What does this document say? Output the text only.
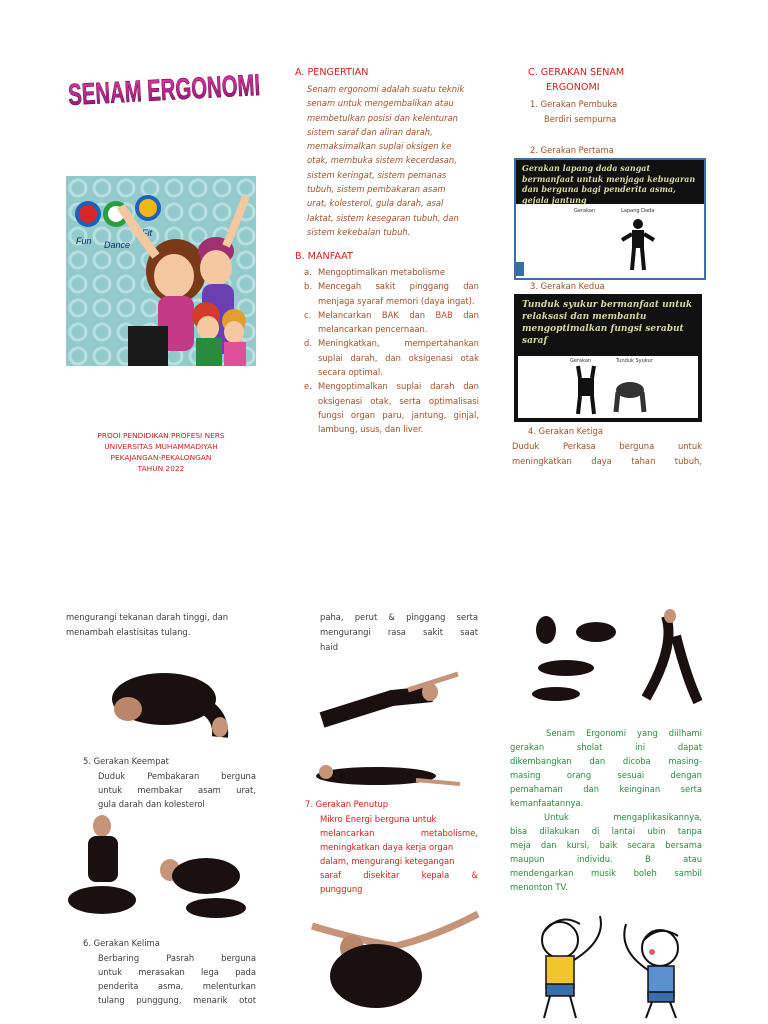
SENAM ERGONOMI
Fun Dance
Fit
PRODI PENDIDIKAN PROFESI NERS
UNIVERSITAS MUHAMMADIYAH
PEKAJANGAN-PEKALONGAN
TAHUN 2022
A. PENGERTIAN
Senam ergonomi adalah suatu teknik
senam untuk mengembalikan atau
membetulkan posisi dan kelenturan
sistem saraf dan aliran darah,
memaksimalkan suplai oksigen ke
otak, membuka sistem kecerdasan,
sistem keringat, sistem pemanas
tubuh, sistem pembakaran asam
urat, kolesterol, gula darah, asal
laktat, sistem kesegaran tubuh, dan
sistem kekebalan tubuh.
B. MANFAAT
a. Mengoptimalkan metabolisme
b. Mencegah sakit pinggang dan menjaga syaraf memori (daya ingat).
c. Melancarkan BAK dan BAB dan melancarkan pencernaan.
d. Meningkatkan, mempertahankan suplai darah, dan oksigenasi otak secara optimal.
e. Mengoptimalkan suplai darah dan oksigenasi otak, serta optimalisasi fungsi organ paru, jantung, ginjal, lambung, usus, dan liver.
C. GERAKAN SENAM
ERGONOMI
1. Gerakan Pembuka
Berdiri sempurna
2. Gerakan Pertama
Gerakan lapang dada sangat bermanfaat untuk menjaga kebugaran dan berguna bagi penderita asma, gejala jantung
Gerakan	Lapang Dada
3. Gerakan Kedua
Tunduk syukur bermanfaat untuk relaksasi dan membantu mengoptimalkan fungsi serabut saraf
Gerakan	Tunduk Syukur
4. Gerakan Ketiga
Duduk Perkasa berguna untuk
meningkatkan daya tahan tubuh,
mengurangi tekanan darah tinggi, dan
menambah elastisitas tulang.
5. Gerakan Keempat
Duduk Pembakaran berguna
untuk membakar asam urat,
gula darah dan kolesterol
6. Gerakan Kelima
Berbaring Pasrah berguna
untuk merasakan lega pada
penderita asma, melenturkan
tulang punggung, menarik otot
paha, perut & pinggang serta
mengurangi rasa sakit saat
haid
7. Gerakan Penutup
Mikro Energi berguna untuk
melancarkan metabolisme,
meningkatkan daya kerja organ
dalam, mengurangi ketegangan
saraf disekitar kepala &
punggung
Senam Ergonomi yang diilhami
gerakan sholat ini dapat
dikembangkan dan dicoba masing-
masing orang sesuai dengan
pemahaman dan keinginan serta
kemanfaatannya.
Untuk mengaplikasikannya,
bisa dilakukan di lantai ubin tanpa
meja dan kursi, baik secara bersama
maupun individu. B atau
mendengarkan musik boleh sambil
menonton TV.
